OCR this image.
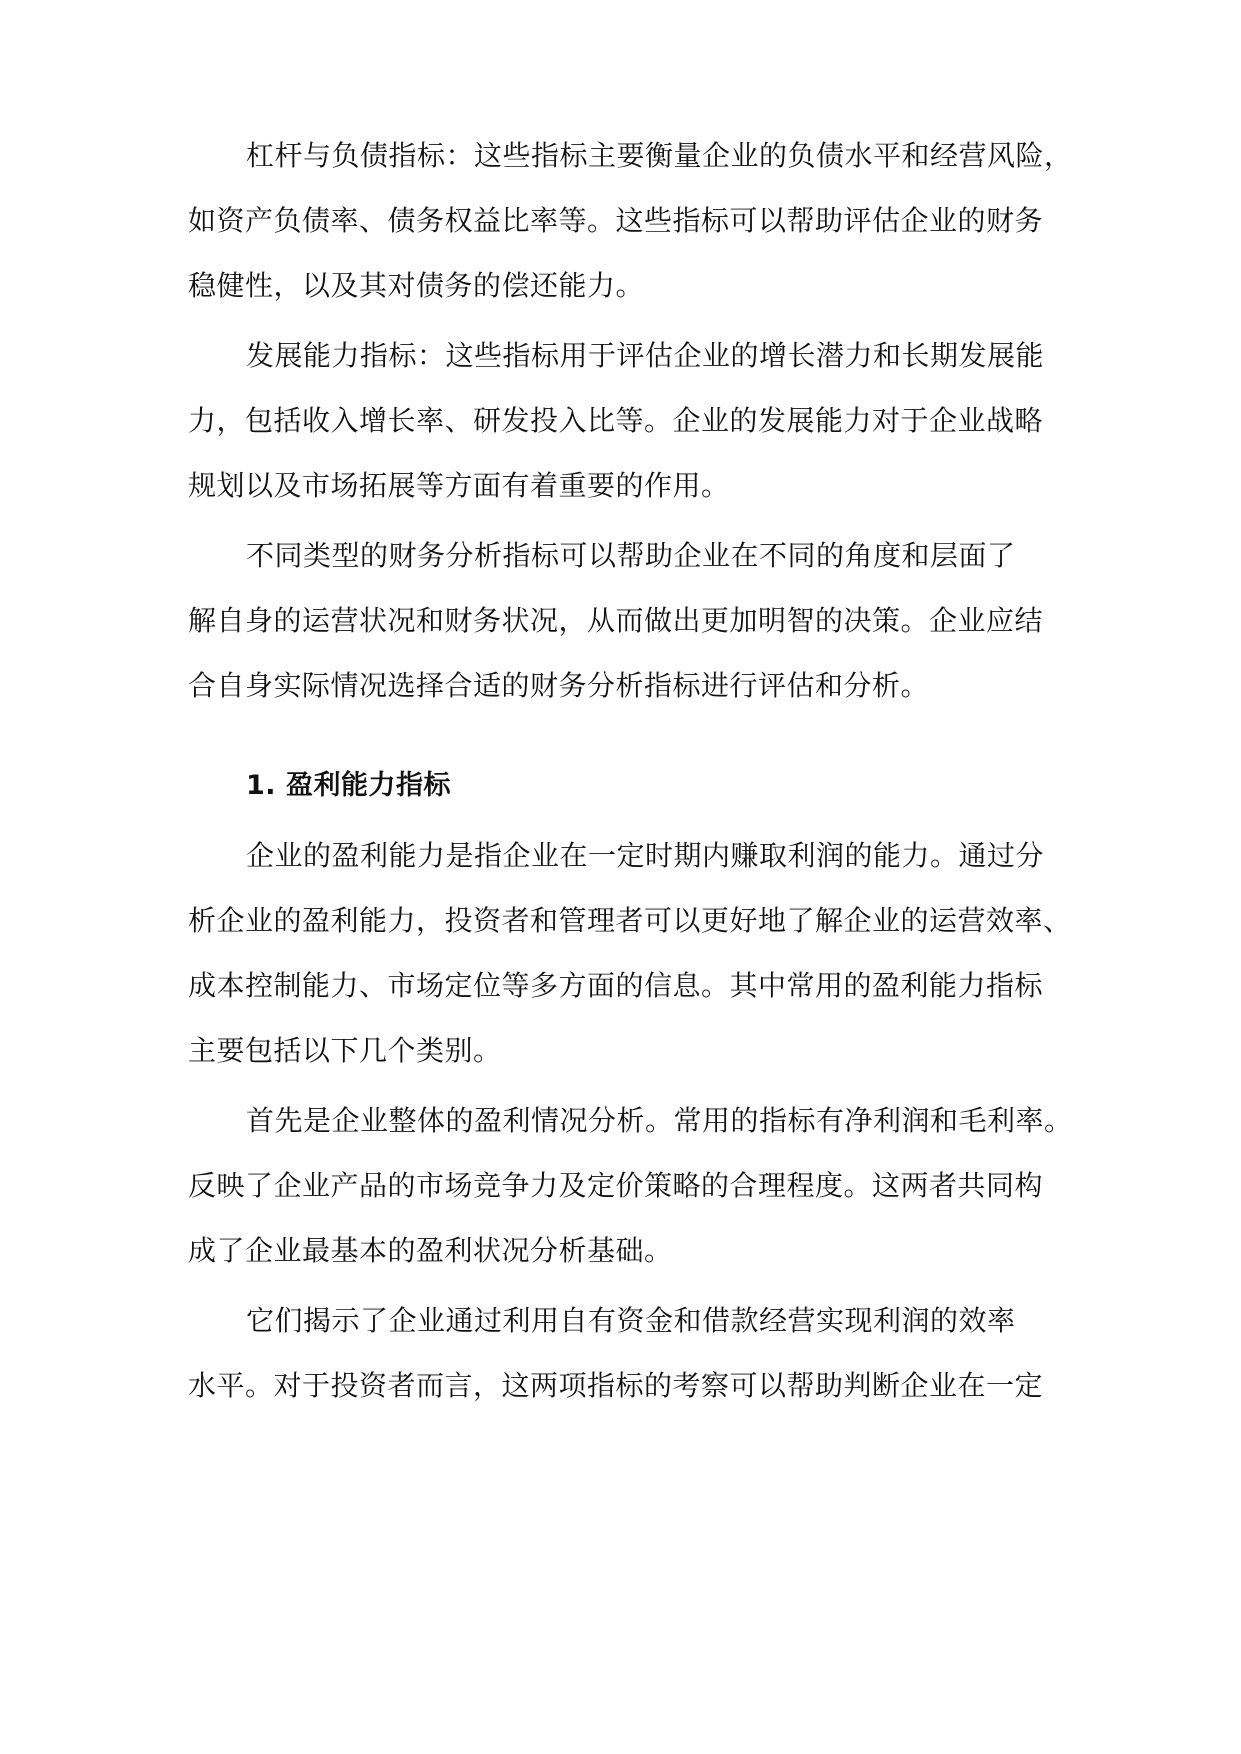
杠杆与负债指标：这些指标主要衡量企业的负债水平和经营风险，
如资产负债率、债务权益比率等。这些指标可以帮助评估企业的财务
稳健性，以及其对债务的偿还能力。
发展能力指标：这些指标用于评估企业的增长潜力和长期发展能
力，包括收入增长率、研发投入比等。企业的发展能力对于企业战略
规划以及市场拓展等方面有着重要的作用。
不同类型的财务分析指标可以帮助企业在不同的角度和层面了
解自身的运营状况和财务状况，从而做出更加明智的决策。企业应结
合自身实际情况选择合适的财务分析指标进行评估和分析。
1. 盈利能力指标
企业的盈利能力是指企业在一定时期内赚取利润的能力。通过分
析企业的盈利能力，投资者和管理者可以更好地了解企业的运营效率、
成本控制能力、市场定位等多方面的信息。其中常用的盈利能力指标
主要包括以下几个类别。
首先是企业整体的盈利情况分析。常用的指标有净利润和毛利率。
反映了企业产品的市场竞争力及定价策略的合理程度。这两者共同构
成了企业最基本的盈利状况分析基础。
它们揭示了企业通过利用自有资金和借款经营实现利润的效率
水平。对于投资者而言，这两项指标的考察可以帮助判断企业在一定
